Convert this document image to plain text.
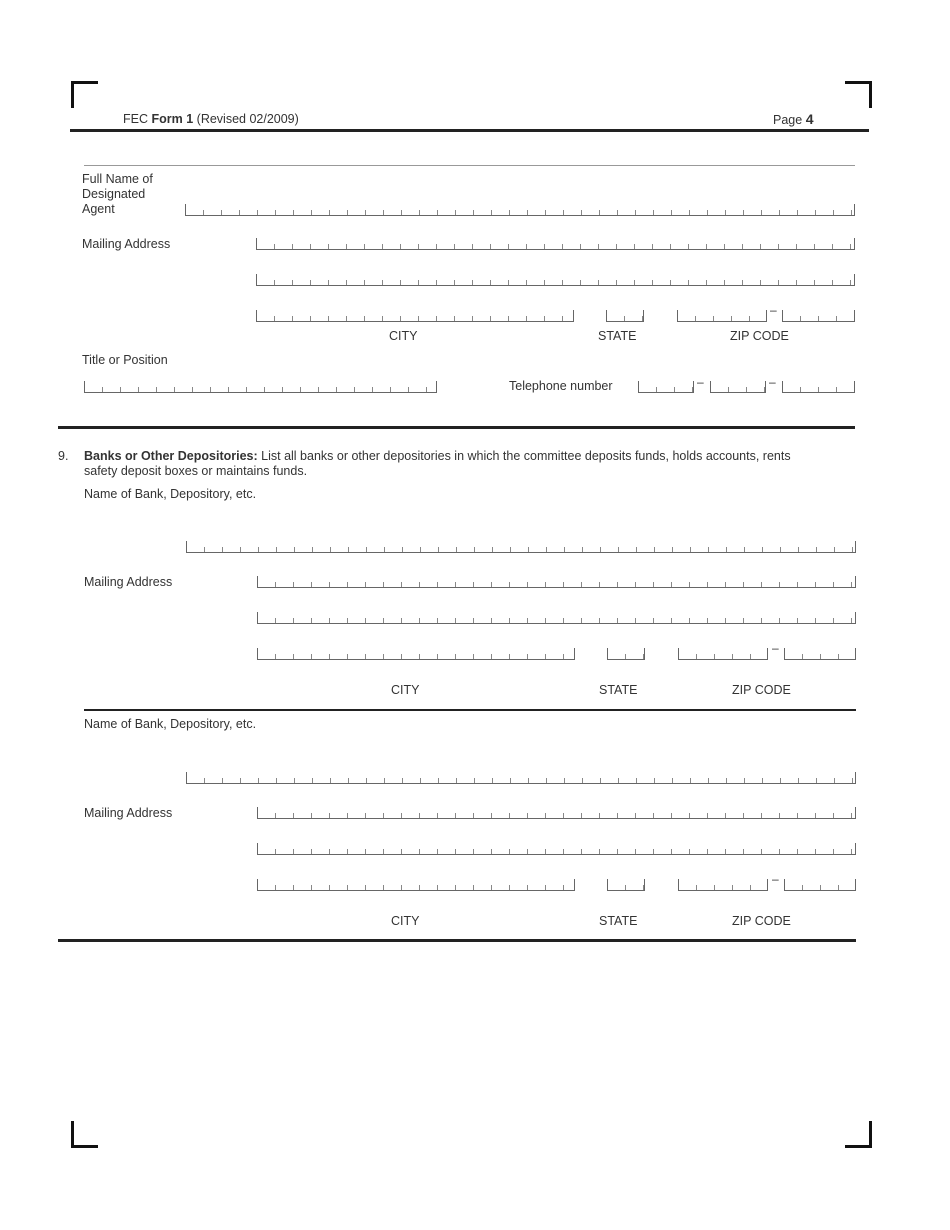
FEC Form 1 (Revised 02/2009)	Page 4
Full Name of
Designated
Agent
Mailing Address
–
CITY	STATE	ZIP CODE
Title or Position
Telephone number	–	–
9. Banks or Other Depositories: List all banks or other depositories in which the committee deposits funds, holds accounts, rents
safety deposit boxes or maintains funds.
Name of Bank, Depository, etc.
Mailing Address
–
CITY	STATE	ZIP CODE
Name of Bank, Depository, etc.
Mailing Address
–
CITY	STATE	ZIP CODE
